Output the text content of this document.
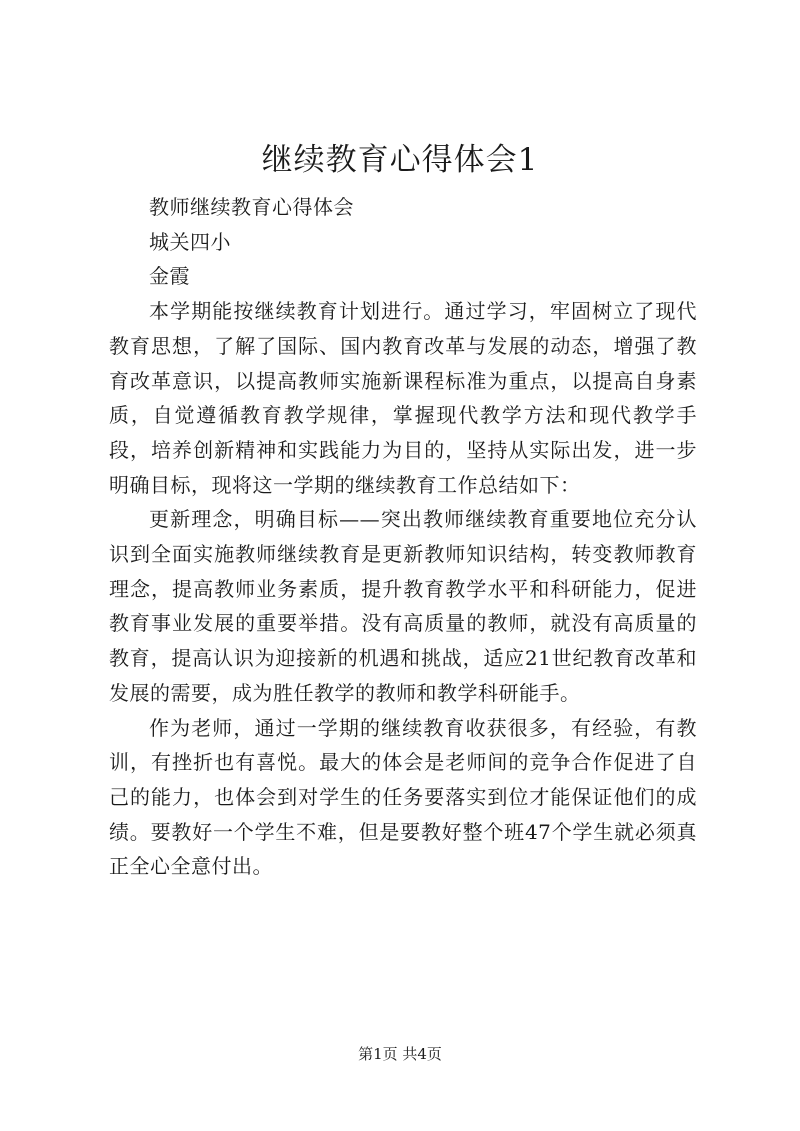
继续教育心得体会1

教师继续教育心得体会

城关四小

金霞

本学期能按继续教育计划进行。通过学习，牢固树立了现代教育思想，了解了国际、国内教育改革与发展的动态，增强了教育改革意识，以提高教师实施新课程标准为重点，以提高自身素质，自觉遵循教育教学规律，掌握现代教学方法和现代教学手段，培养创新精神和实践能力为目的，坚持从实际出发，进一步明确目标，现将这一学期的继续教育工作总结如下：

更新理念，明确目标——突出教师继续教育重要地位充分认识到全面实施教师继续教育是更新教师知识结构，转变教师教育理念，提高教师业务素质，提升教育教学水平和科研能力，促进教育事业发展的重要举措。没有高质量的教师，就没有高质量的教育，提高认识为迎接新的机遇和挑战，适应21世纪教育改革和发展的需要，成为胜任教学的教师和教学科研能手。

作为老师，通过一学期的继续教育收获很多，有经验，有教训，有挫折也有喜悦。最大的体会是老师间的竞争合作促进了自己的能力，也体会到对学生的任务要落实到位才能保证他们的成绩。要教好一个学生不难，但是要教好整个班47个学生就必须真正全心全意付出。

第1页 共4页
